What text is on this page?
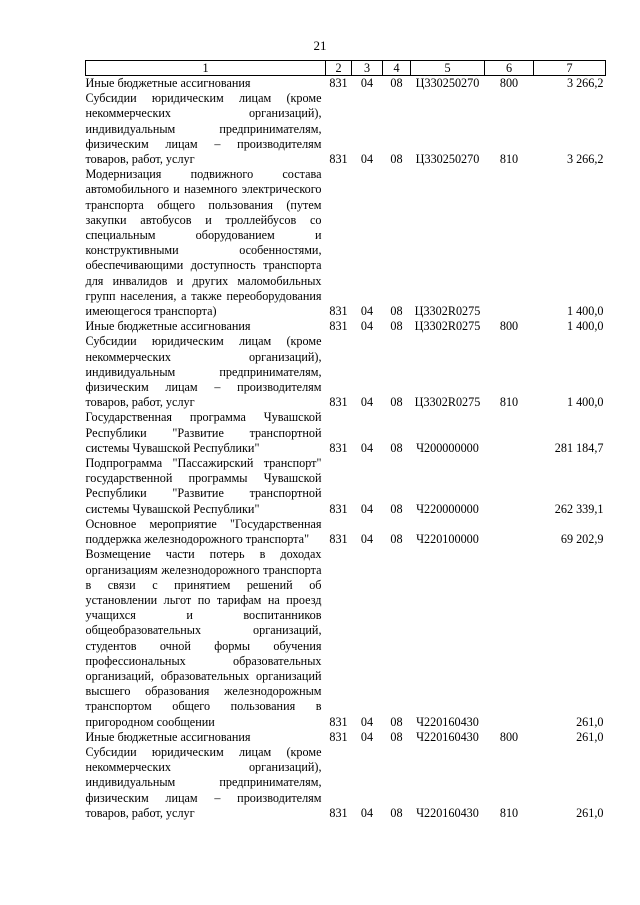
21
1	2	3	4	5	6	7
Иные бюджетные ассигнования	831	04	08	Ц330250270	800	3 266,2
Субсидии юридическим лицам (кроме некоммерческих организаций), индивидуальным предпринимателям, физическим лицам – производителям товаров, работ, услуг	831	04	08	Ц330250270	810	3 266,2
Модернизация подвижного состава автомобильного и наземного электрического транспорта общего пользования (путем закупки автобусов и троллейбусов со специальным оборудованием и конструктивными особенностями, обеспечивающими доступность транспорта для инвалидов и других маломобильных групп населения, а также переоборудования имеющегося транспорта)	831	04	08	Ц3302R0275		1 400,0
Иные бюджетные ассигнования	831	04	08	Ц3302R0275	800	1 400,0
Субсидии юридическим лицам (кроме некоммерческих организаций), индивидуальным предпринимателям, физическим лицам – производителям товаров, работ, услуг	831	04	08	Ц3302R0275	810	1 400,0
Государственная программа Чувашской Республики "Развитие транспортной системы Чувашской Республики"	831	04	08	Ч200000000		281 184,7
Подпрограмма "Пассажирский транспорт" государственной программы Чувашской Республики "Развитие транспортной системы Чувашской Республики"	831	04	08	Ч220000000		262 339,1
Основное мероприятие "Государственная поддержка железнодорожного транспорта"	831	04	08	Ч220100000		69 202,9
Возмещение части потерь в доходах организациям железнодорожного транспорта в связи с принятием решений об установлении льгот по тарифам на проезд учащихся и воспитанников общеобразовательных организаций, студентов очной формы обучения профессиональных образовательных организаций, образовательных организаций высшего образования железнодорожным транспортом общего пользования в пригородном сообщении	831	04	08	Ч220160430		261,0
Иные бюджетные ассигнования	831	04	08	Ч220160430	800	261,0
Субсидии юридическим лицам (кроме некоммерческих организаций), индивидуальным предпринимателям, физическим лицам – производителям товаров, работ, услуг	831	04	08	Ч220160430	810	261,0
